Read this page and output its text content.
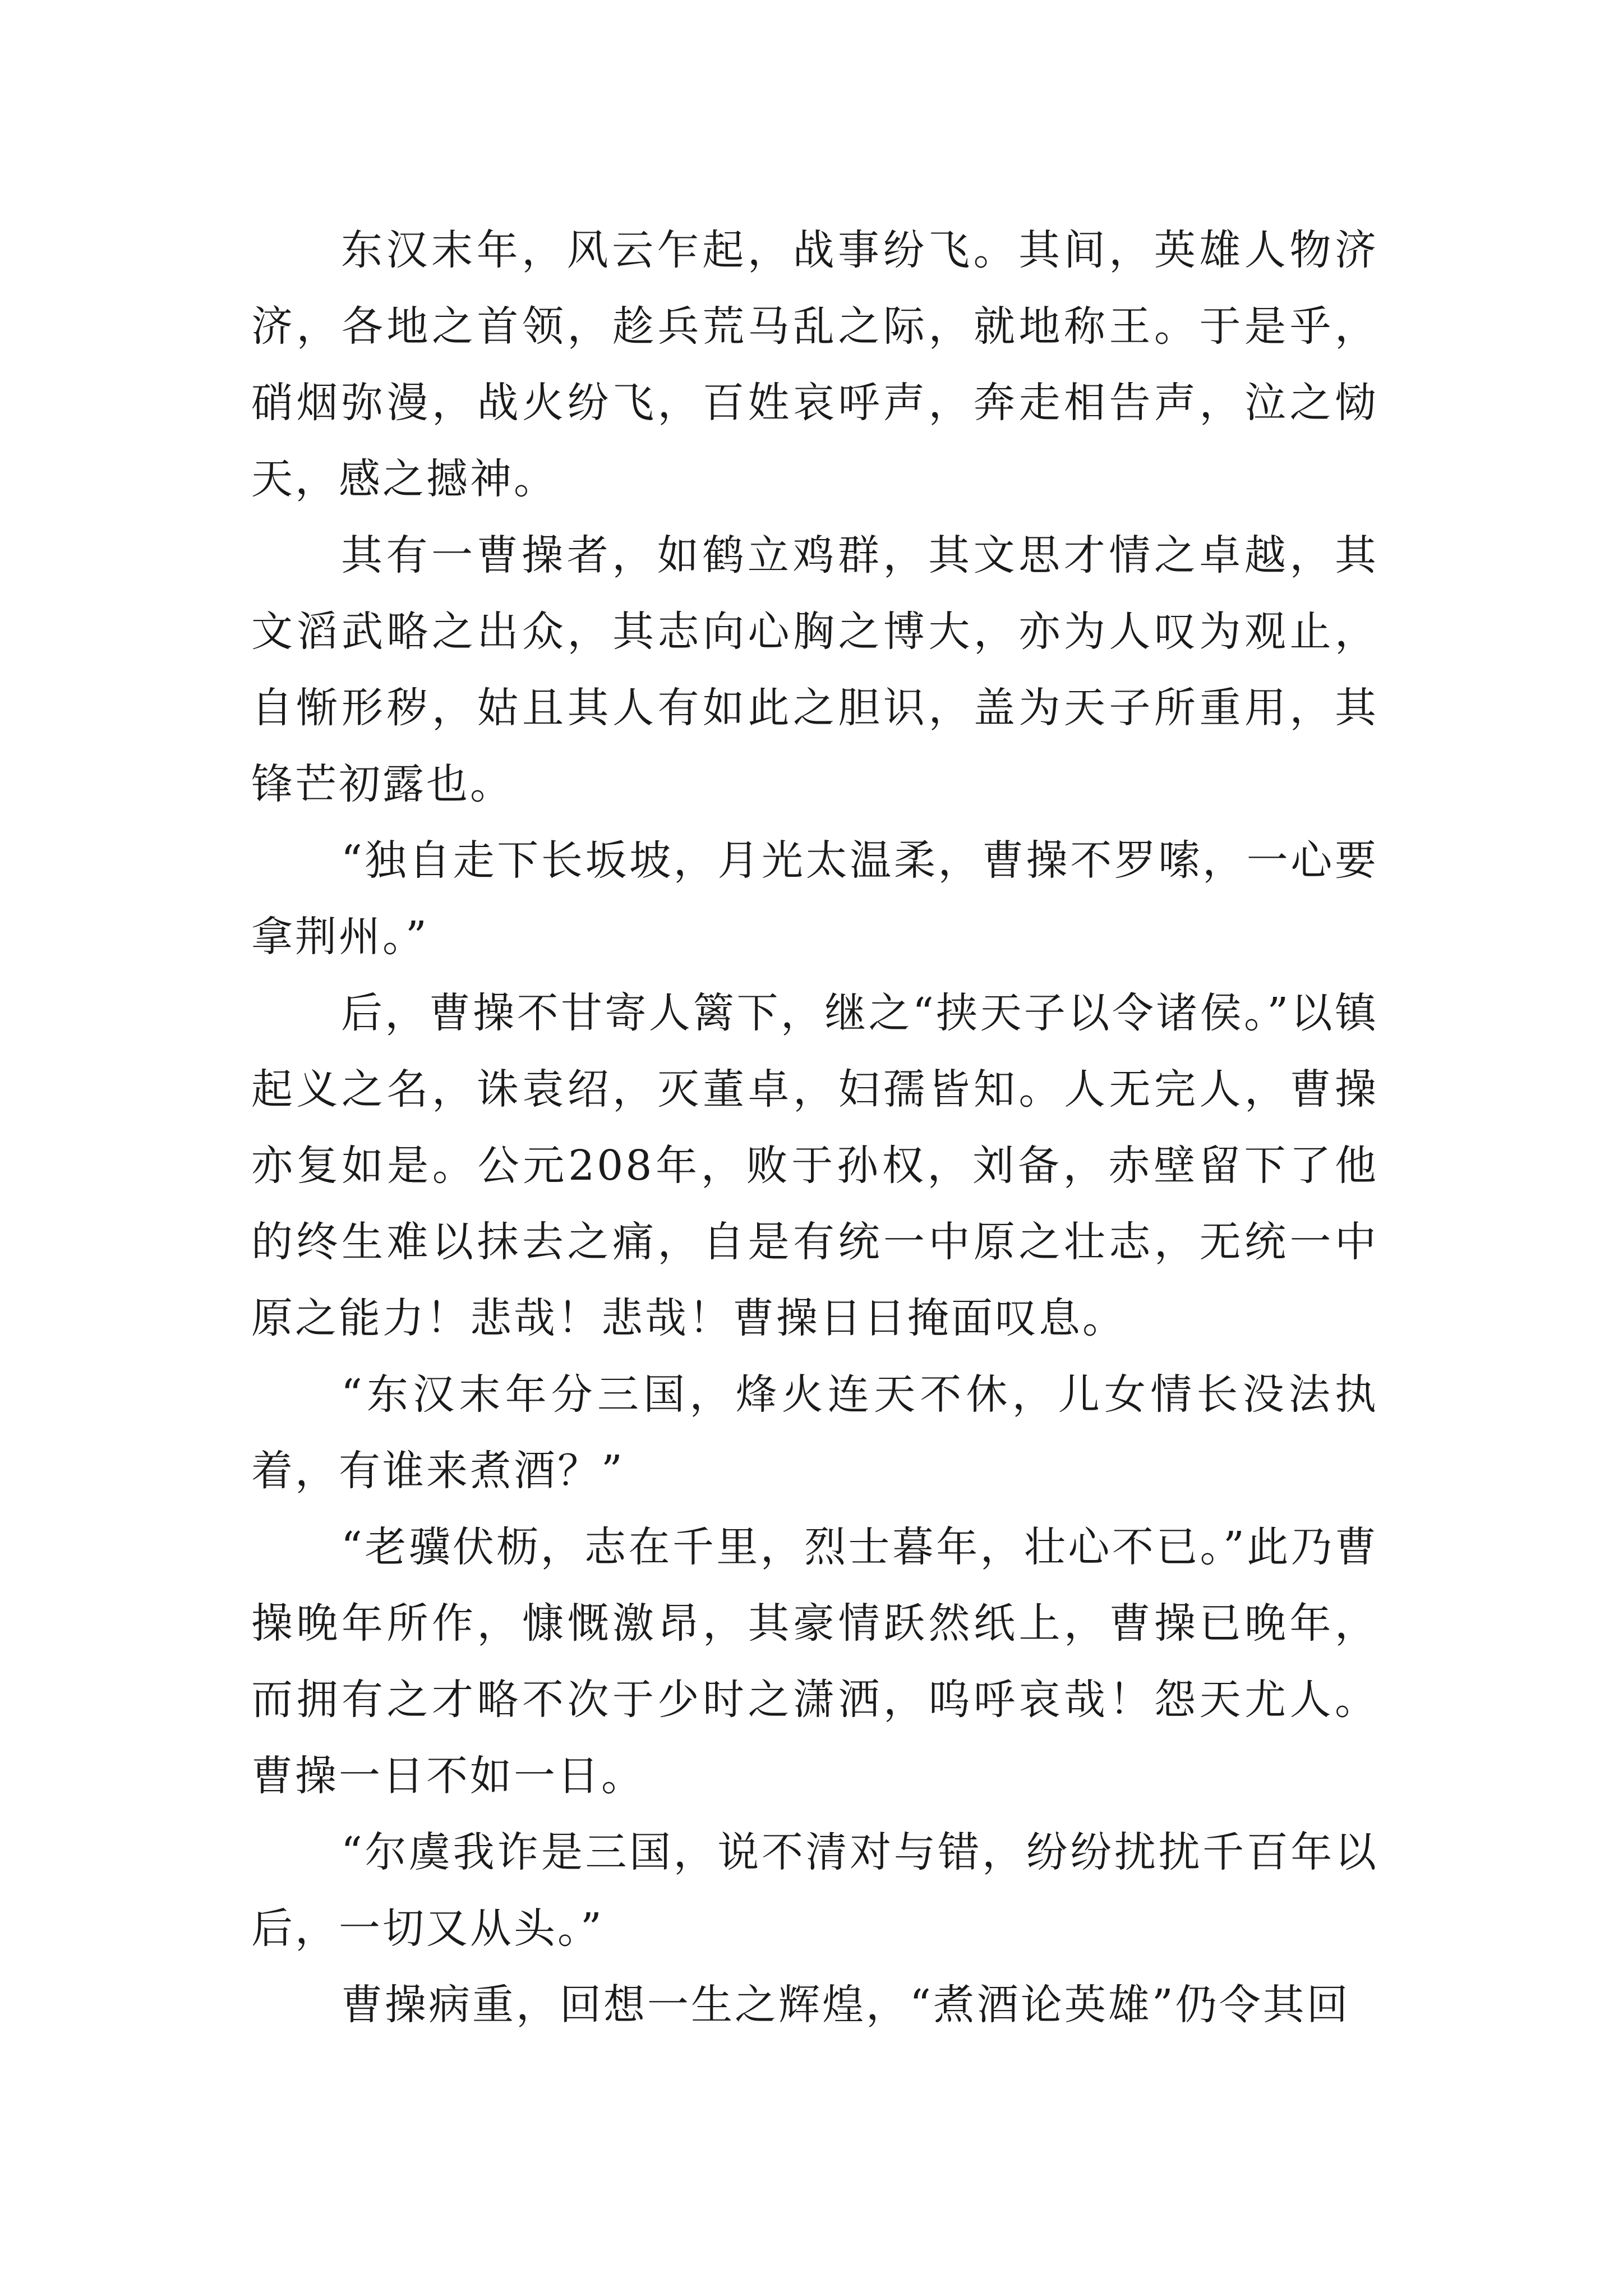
东汉末年，风云乍起，战事纷飞。其间，英雄人物济济，各地之首领，趁兵荒马乱之际，就地称王。于是乎，硝烟弥漫，战火纷飞，百姓哀呼声，奔走相告声，泣之恸天，感之撼神。

其有一曹操者，如鹤立鸡群，其文思才情之卓越，其文滔武略之出众，其志向心胸之博大，亦为人叹为观止，自惭形秽，姑且其人有如此之胆识，盖为天子所重用，其锋芒初露也。

“独自走下长坂坡，月光太温柔，曹操不罗嗦，一心要拿荆州。”

后，曹操不甘寄人篱下，继之“挟天子以令诸侯。”以镇起义之名，诛袁绍，灭董卓，妇孺皆知。人无完人，曹操亦复如是。公元208年，败于孙权，刘备，赤壁留下了他的终生难以抹去之痛，自是有统一中原之壮志，无统一中原之能力！悲哉！悲哉！曹操日日掩面叹息。

“东汉末年分三国，烽火连天不休，儿女情长没法执着，有谁来煮酒？”

“老骥伏枥，志在千里，烈士暮年，壮心不已。”此乃曹操晚年所作，慷慨激昂，其豪情跃然纸上，曹操已晚年，而拥有之才略不次于少时之潇洒，呜呼哀哉！怨天尤人。曹操一日不如一日。

“尔虞我诈是三国，说不清对与错，纷纷扰扰千百年以后，一切又从头。”

曹操病重，回想一生之辉煌，“煮酒论英雄”仍令其回
